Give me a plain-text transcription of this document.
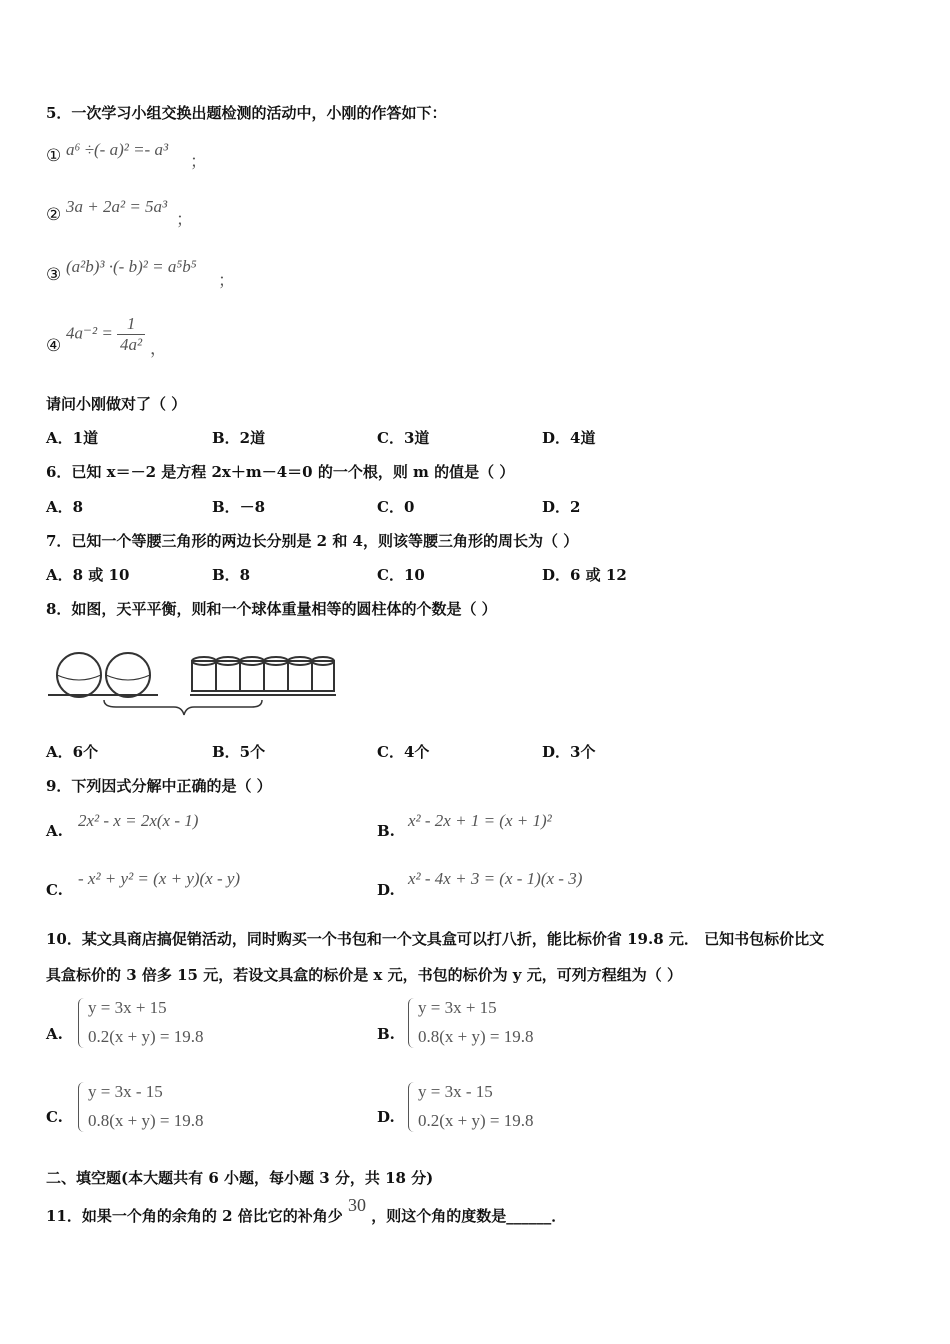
5．一次学习小组交换出题检测的活动中，小刚的作答如下：
① a⁶ ÷(- a)² =- a³
；
② 3a + 2a² = 5a³
；
③ (a²b)³ ·(- b)² = a⁵b⁵
；
④
$4a^{-2} = \frac{1}{\text{4a²}}$ ，
请问小刚做对了（ ）
A．1道	B．2道	C．3道	D．4道
6．已知 x＝－2 是方程 2x＋m－4＝0 的一个根，则 m 的值是（ ）
A．8	B．－8	C．0	D．2
7．已知一个等腰三角形的两边长分别是 2 和 4，则该等腰三角形的周长为（ ）
A．8 或 10	B．8	C．10	D．6 或 12
8．如图，天平平衡，则和一个球体重量相等的圆柱体的个数是（ ）
A．6个	B．5个	C．4个	D．3个
9．下列因式分解中正确的是（ ）
A.
2x² - x = 2x(x - 1)
B.
x² - 2x + 1 = (x + 1)²
C.
- x² + y² = (x + y)(x - y)
D.
x² - 4x + 3 = (x - 1)(x - 3)
10．某文具商店搞促销活动，同时购买一个书包和一个文具盒可以打八折，能比标价省 19.8 元． 已知书包标价比文
具盒标价的 3 倍多 15 元，若设文具盒的标价是 x 元，书包的标价为 y 元，可列方程组为（ ）
A.
y = 3x + 15
0.2(x + y) = 19.8	B.
y = 3x + 15
0.8(x + y) = 19.8
C.
y = 3x - 15
0.8(x + y) = 19.8	D.
y = 3x - 15
0.2(x + y) = 19.8
二、填空题(本大题共有 6 小题，每小题 3 分，共 18 分)
11．如果一个角的余角的 2 倍比它的补角少 30 ，则这个角的度数是______．
